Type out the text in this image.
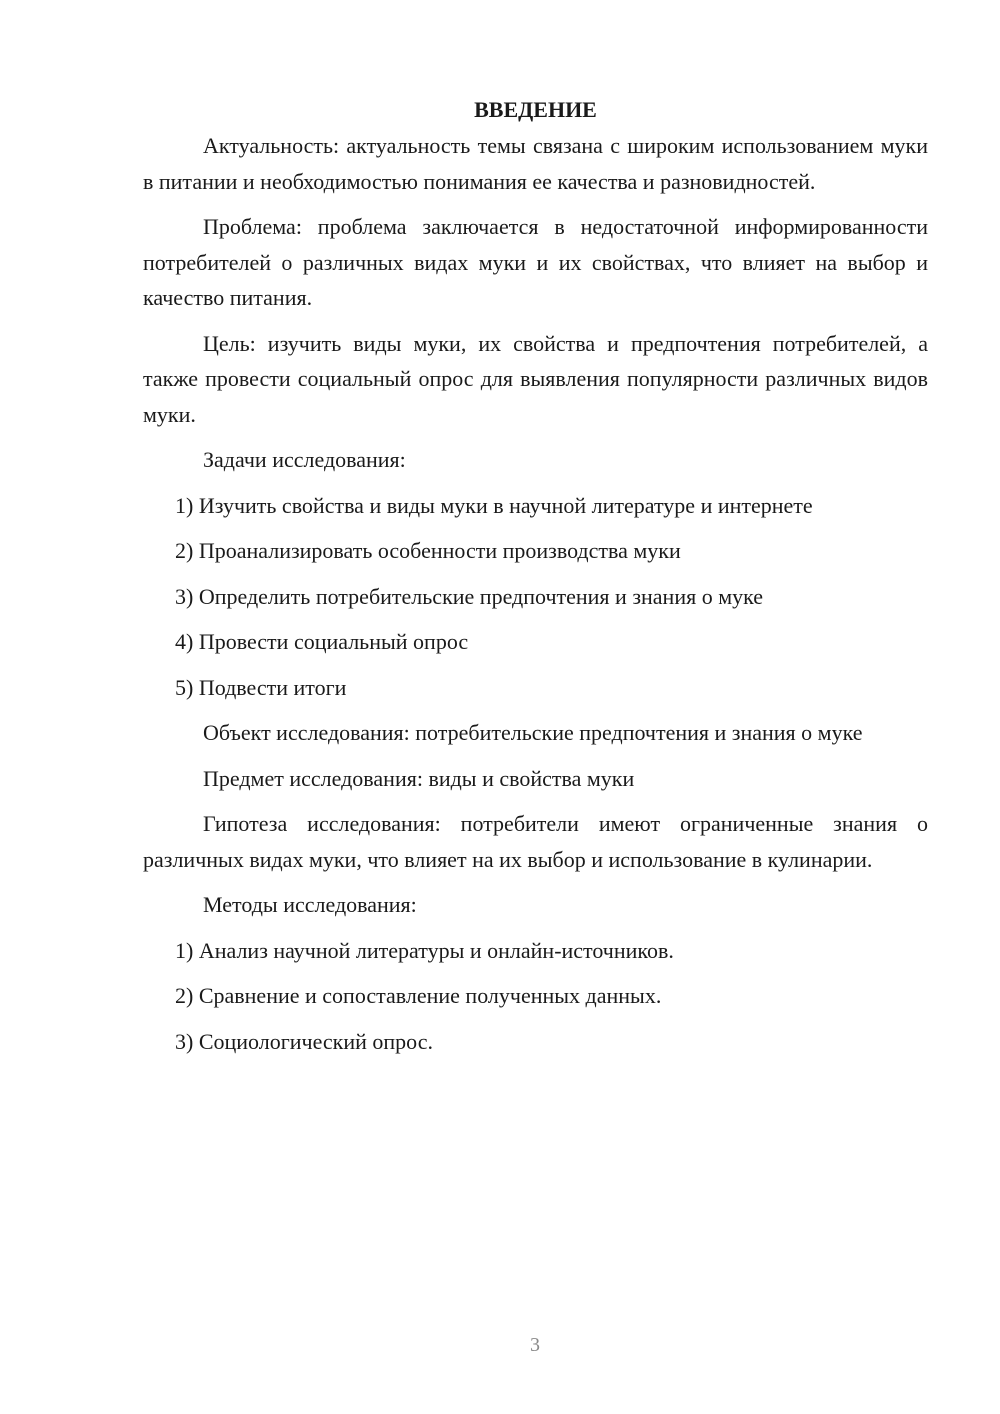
ВВЕДЕНИЕ

Актуальность: актуальность темы связана с широким использованием муки в питании и необходимостью понимания ее качества и разновидностей.

Проблема: проблема заключается в недостаточной информированности потребителей о различных видах муки и их свойствах, что влияет на выбор и качество питания.

Цель: изучить виды муки, их свойства и предпочтения потребителей, а также провести социальный опрос для выявления популярности различных видов муки.

Задачи исследования:

1) Изучить свойства и виды муки в научной литературе и интернете
2) Проанализировать особенности производства муки
3) Определить потребительские предпочтения и знания о муке
4) Провести социальный опрос
5) Подвести итоги

Объект исследования: потребительские предпочтения и знания о муке

Предмет исследования: виды и свойства муки

Гипотеза исследования: потребители имеют ограниченные знания о различных видах муки, что влияет на их выбор и использование в кулинарии.

Методы исследования:

1) Анализ научной литературы и онлайн-источников.
2) Сравнение и сопоставление полученных данных.
3) Социологический опрос.
3
